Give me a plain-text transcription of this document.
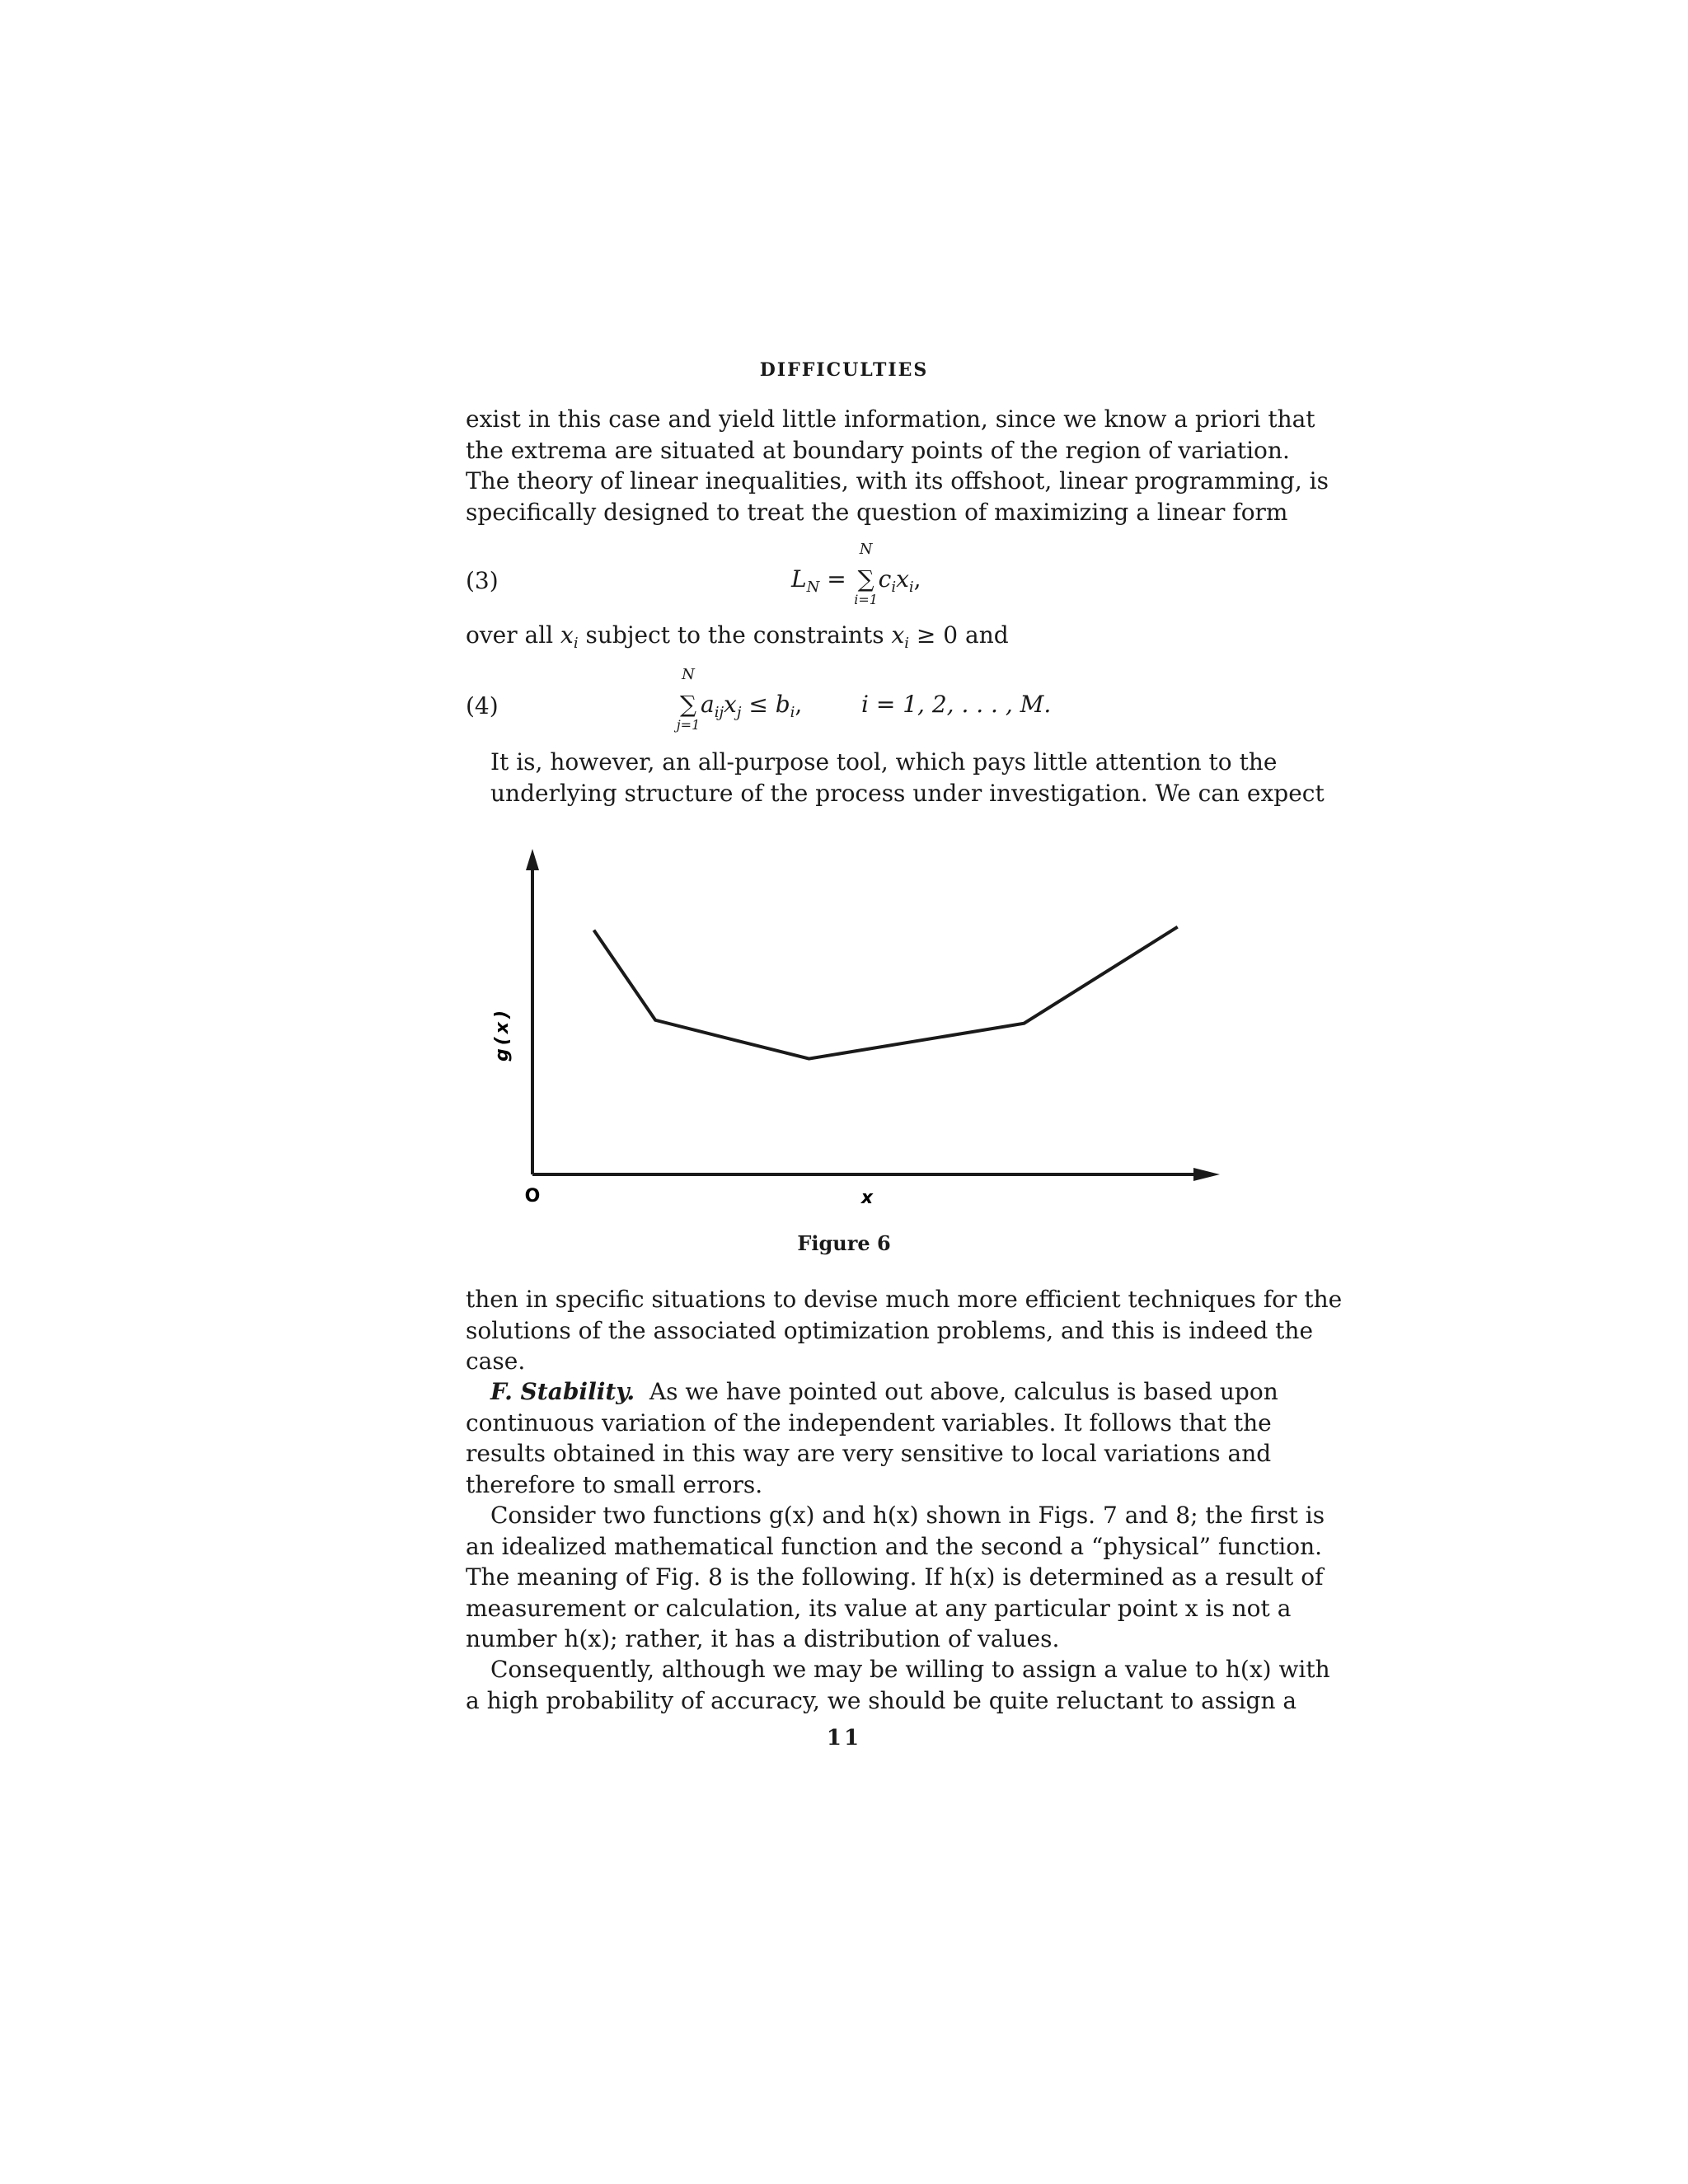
DIFFICULTIES
exist in this case and yield little information, since we know a priori that
the extrema are situated at boundary points of the region of variation.
The theory of linear inequalities, with its offshoot, linear programming, is
specifically designed to treat the question of maximizing a linear form
(3)	$L_N$ =
N
∑
i=1
$c_ix_i$,
over all $x_i$ subject to the constraints $x_i \ge 0$ and
(4)
N
∑
j=1
$a_{ij}x_j \le b_i$,	i = 1, 2, . . . , M.
It is, however, an all-purpose tool, which pays little attention to the
underlying structure of the process under investigation. We can expect
O	x
g(x)
Figure 6
then in specific situations to devise much more efficient techniques for the
solutions of the associated optimization problems, and this is indeed the
case.
F. Stability. As we have pointed out above, calculus is based upon
continuous variation of the independent variables. It follows that the
results obtained in this way are very sensitive to local variations and
therefore to small errors.
Consider two functions g(x) and h(x) shown in Figs. 7 and 8; the first is
an idealized mathematical function and the second a “physical” function.
The meaning of Fig. 8 is the following. If h(x) is determined as a result of
measurement or calculation, its value at any particular point x is not a
number h(x); rather, it has a distribution of values.
Consequently, although we may be willing to assign a value to h(x) with
a high probability of accuracy, we should be quite reluctant to assign a
11
